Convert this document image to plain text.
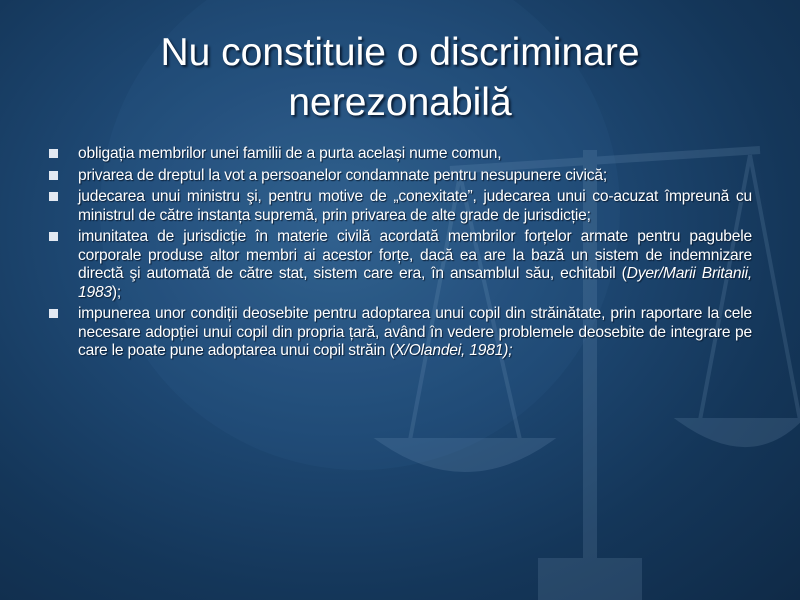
Nu constituie o discriminare
nerezonabilă
obligația membrilor unei familii de a purta același nume comun,
privarea de dreptul la vot a persoanelor condamnate pentru nesupunere civică;
judecarea unui ministru şi, pentru motive de „conexitate”, judecarea unui co-acuzat împreună cu ministrul de către instanța supremă, prin privarea de alte grade de jurisdicție;
imunitatea de jurisdicție în materie civilă acordată membrilor forțelor armate pentru pagubele corporale produse altor membri ai acestor forțe, dacă ea are la bază un sistem de indemnizare directă şi automată de către stat, sistem care era, în ansamblul său, echitabil (Dyer/Marii Britanii, 1983);
impunerea unor condiții deosebite pentru adoptarea unui copil din străinătate, prin raportare la cele necesare adopției unui copil din propria țară, având în vedere problemele deosebite de integrare pe care le poate pune adoptarea unui copil străin (X/Olandei, 1981);
